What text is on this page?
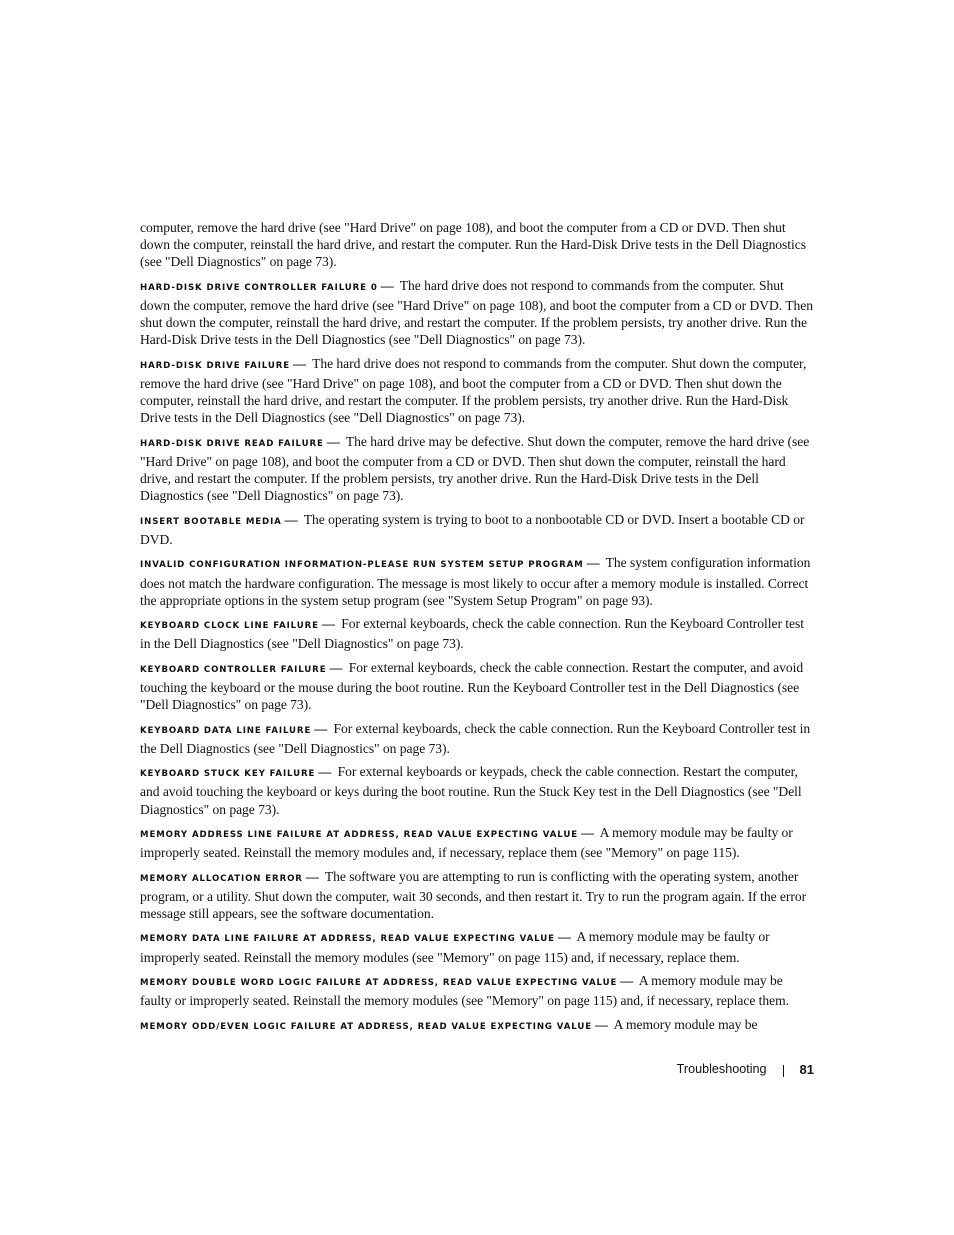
computer, remove the hard drive (see "Hard Drive" on page 108), and boot the computer from a CD or DVD. Then shut down the computer, reinstall the hard drive, and restart the computer. Run the Hard-Disk Drive tests in the Dell Diagnostics (see "Dell Diagnostics" on page 73).

HARD-DISK DRIVE CONTROLLER FAILURE 0 — The hard drive does not respond to commands from the computer. Shut down the computer, remove the hard drive (see "Hard Drive" on page 108), and boot the computer from a CD or DVD. Then shut down the computer, reinstall the hard drive, and restart the computer. If the problem persists, try another drive. Run the Hard-Disk Drive tests in the Dell Diagnostics (see "Dell Diagnostics" on page 73).

HARD-DISK DRIVE FAILURE — The hard drive does not respond to commands from the computer. Shut down the computer, remove the hard drive (see "Hard Drive" on page 108), and boot the computer from a CD or DVD. Then shut down the computer, reinstall the hard drive, and restart the computer. If the problem persists, try another drive. Run the Hard-Disk Drive tests in the Dell Diagnostics (see "Dell Diagnostics" on page 73).

HARD-DISK DRIVE READ FAILURE — The hard drive may be defective. Shut down the computer, remove the hard drive (see "Hard Drive" on page 108), and boot the computer from a CD or DVD. Then shut down the computer, reinstall the hard drive, and restart the computer. If the problem persists, try another drive. Run the Hard-Disk Drive tests in the Dell Diagnostics (see "Dell Diagnostics" on page 73).

INSERT BOOTABLE MEDIA — The operating system is trying to boot to a nonbootable CD or DVD. Insert a bootable CD or DVD.

INVALID CONFIGURATION INFORMATION-PLEASE RUN SYSTEM SETUP PROGRAM — The system configuration information does not match the hardware configuration. The message is most likely to occur after a memory module is installed. Correct the appropriate options in the system setup program (see "System Setup Program" on page 93).

KEYBOARD CLOCK LINE FAILURE — For external keyboards, check the cable connection. Run the Keyboard Controller test in the Dell Diagnostics (see "Dell Diagnostics" on page 73).

KEYBOARD CONTROLLER FAILURE — For external keyboards, check the cable connection. Restart the computer, and avoid touching the keyboard or the mouse during the boot routine. Run the Keyboard Controller test in the Dell Diagnostics (see "Dell Diagnostics" on page 73).

KEYBOARD DATA LINE FAILURE — For external keyboards, check the cable connection. Run the Keyboard Controller test in the Dell Diagnostics (see "Dell Diagnostics" on page 73).

KEYBOARD STUCK KEY FAILURE — For external keyboards or keypads, check the cable connection. Restart the computer, and avoid touching the keyboard or keys during the boot routine. Run the Stuck Key test in the Dell Diagnostics (see "Dell Diagnostics" on page 73).

MEMORY ADDRESS LINE FAILURE AT ADDRESS, READ VALUE EXPECTING VALUE — A memory module may be faulty or improperly seated. Reinstall the memory modules and, if necessary, replace them (see "Memory" on page 115).

MEMORY ALLOCATION ERROR — The software you are attempting to run is conflicting with the operating system, another program, or a utility. Shut down the computer, wait 30 seconds, and then restart it. Try to run the program again. If the error message still appears, see the software documentation.

MEMORY DATA LINE FAILURE AT ADDRESS, READ VALUE EXPECTING VALUE — A memory module may be faulty or improperly seated. Reinstall the memory modules (see "Memory" on page 115) and, if necessary, replace them.

MEMORY DOUBLE WORD LOGIC FAILURE AT ADDRESS, READ VALUE EXPECTING VALUE — A memory module may be faulty or improperly seated. Reinstall the memory modules (see "Memory" on page 115) and, if necessary, replace them.

MEMORY ODD/EVEN LOGIC FAILURE AT ADDRESS, READ VALUE EXPECTING VALUE — A memory module may be

Troubleshooting	81
